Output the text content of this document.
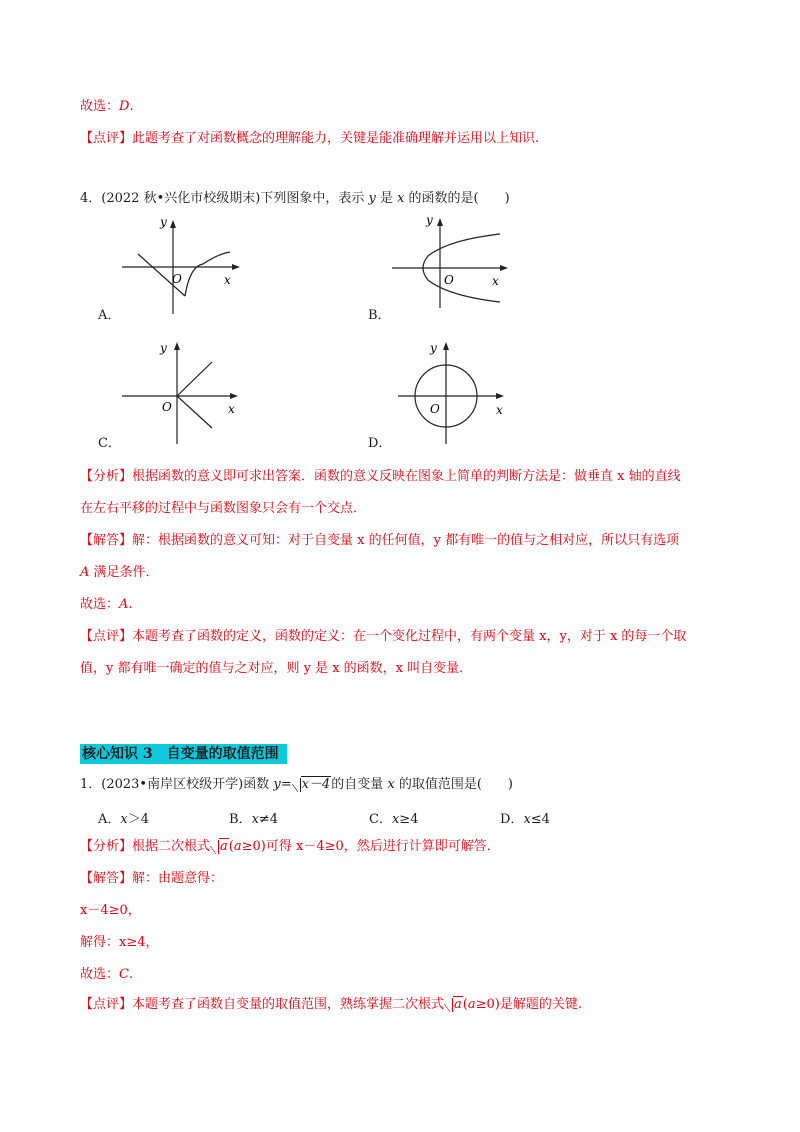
故选：D.
【点评】此题考查了对函数概念的理解能力，关键是能准确理解并运用以上知识.
4．(2022 秋•兴化市校级期末)下列图象中，表示 y 是 x 的函数的是(　　)
y
O	x
A．
y
O	x
B．
y
O	x
C．
y
O	x
D．
【分析】根据函数的意义即可求出答案．函数的意义反映在图象上简单的判断方法是：做垂直 x 轴的直线
在左右平移的过程中与函数图象只会有一个交点．
【解答】解：根据函数的意义可知：对于自变量 x 的任何值，y 都有唯一的值与之相对应，所以只有选项
A 满足条件．
故选：A.
【点评】本题考查了函数的定义，函数的定义：在一个变化过程中，有两个变量 x，y，对于 x 的每一个取
值，y 都有唯一确定的值与之对应，则 y 是 x 的函数，x 叫自变量．
核心知识 3　自变量的取值范围
1．(2023•南岸区校级开学)函数 y= x－4的自变量 x 的取值范围是(　　)
A．x＞4	B．x≠4	C．x≥4	D．x≤4
【分析】根据二次根式 a(a≥0)可得 x－4≥0，然后进行计算即可解答．
【解答】解：由题意得：
x－4≥0，
解得：x≥4，
故选：C.
【点评】本题考查了函数自变量的取值范围，熟练掌握二次根式 a(a≥0)是解题的关键.
